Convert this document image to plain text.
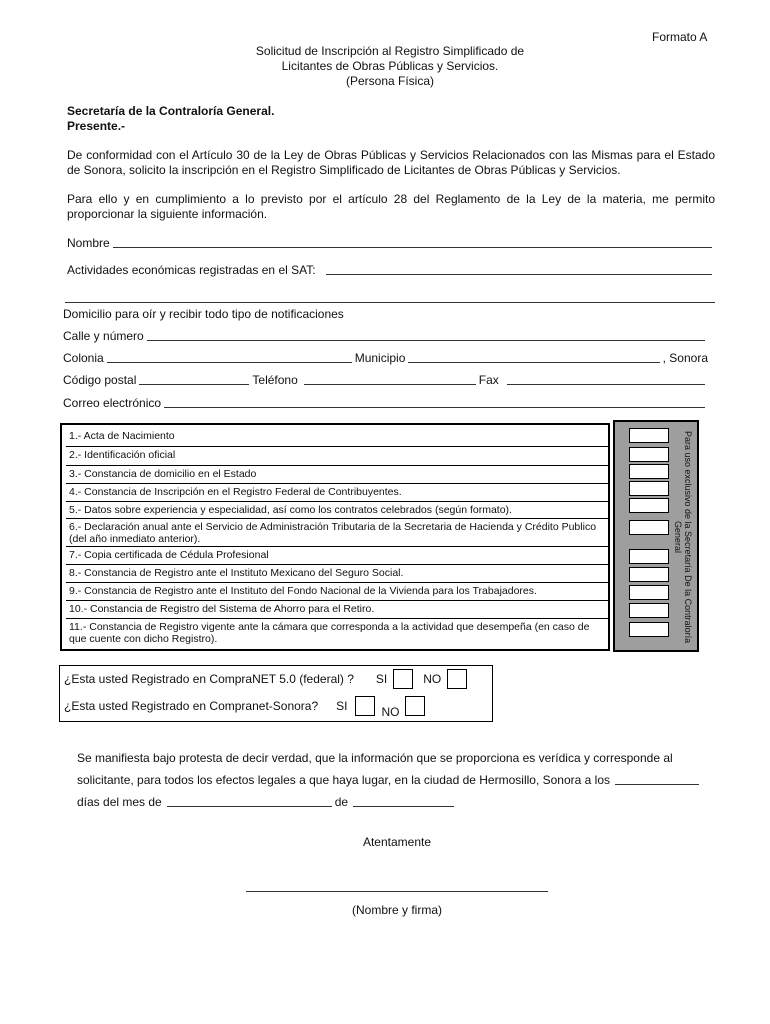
Formato A
Solicitud de Inscripción al Registro Simplificado de
Licitantes de Obras Públicas y Servicios.
(Persona Física)
Secretaría de la Contraloría General.
Presente.-
De conformidad con el Artículo 30 de la Ley de Obras Públicas y Servicios Relacionados con las Mismas para el Estado de Sonora, solicito la inscripción en el Registro Simplificado de Licitantes de Obras Públicas y Servicios.
Para ello y en cumplimiento a lo previsto por el artículo 28 del Reglamento de la Ley de la materia, me permito proporcionar la siguiente información.
Nombre
Actividades económicas registradas en el SAT:
Domicilio para oír y recibir todo tipo de notificaciones
Calle y número
Colonia	Municipio	, Sonora
Código postal	Teléfono	Fax
Correo electrónico
1.- Acta de Nacimiento
2.- Identificación oficial
3.- Constancia de domicilio en el Estado
4.- Constancia de Inscripción en el Registro Federal de Contribuyentes.
5.- Datos sobre experiencia y especialidad, así como los contratos celebrados (según formato).
6.- Declaración anual ante el Servicio de Administración Tributaria de la Secretaria de Hacienda y Crédito Publico (del año inmediato anterior).
7.- Copia certificada de Cédula Profesional
8.- Constancia de Registro ante el Instituto Mexicano del Seguro Social.
9.- Constancia de Registro ante el Instituto del Fondo Nacional de la Vivienda para los Trabajadores.
10.- Constancia de Registro del Sistema de Ahorro para el Retiro.
11.- Constancia de Registro vigente ante la cámara que corresponda a la actividad que desempeña (en caso de que cuente con dicho Registro).	Para uso exclusivo de la Secretaría De la Contraloría General
¿Esta usted Registrado en CompraNET 5.0 (federal) ? SI	NO
¿Esta usted Registrado en Compranet-Sonora? SI	NO
Se manifiesta bajo protesta de decir verdad, que la información que se proporciona es verídica y corresponde al
solicitante, para todos los efectos legales a que haya lugar, en la ciudad de Hermosillo, Sonora a los
días del mes de	de
Atentamente
(Nombre y firma)
